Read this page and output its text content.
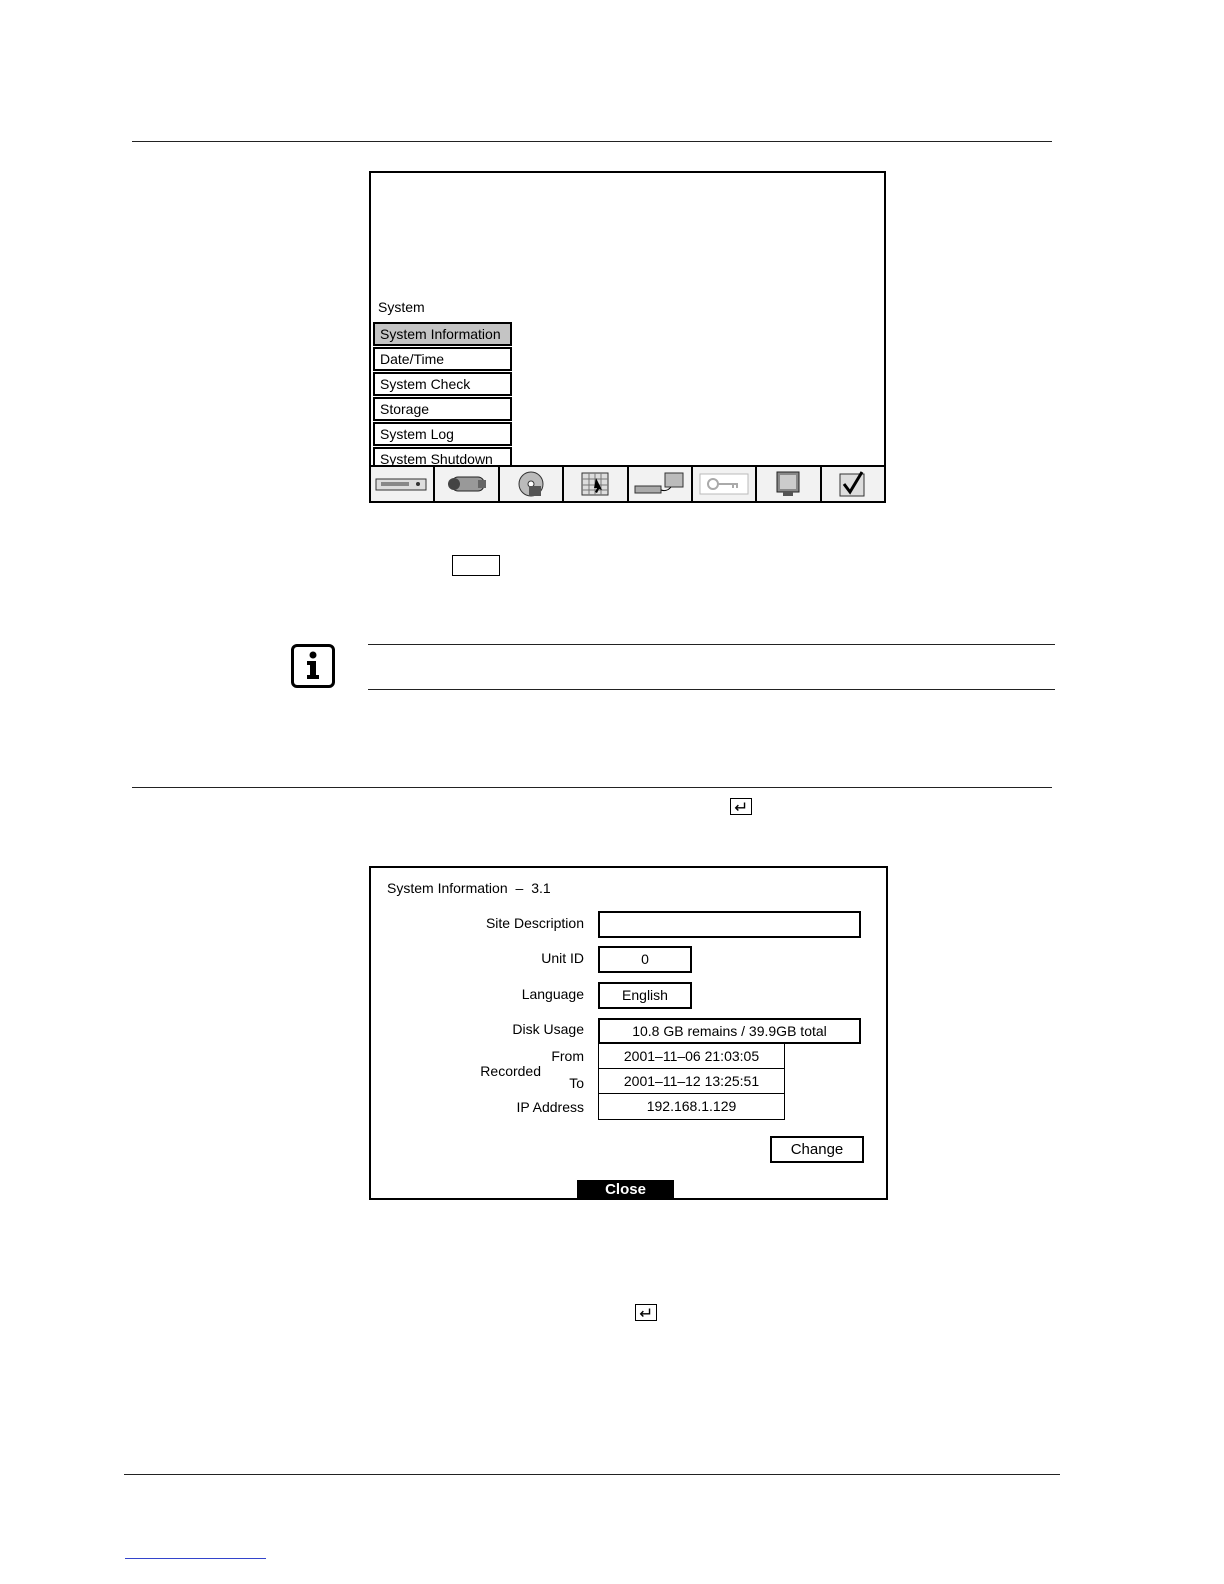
System
System Information
Date/Time
System Check
Storage
System Log
System Shutdown
System Information – 3.1
Site Description
Unit ID	0
Language	English
Disk Usage	10.8 GB remains / 39.9GB total
Recorded
From	2001–11–06 21:03:05
To	2001–11–12 13:25:51
IP Address	192.168.1.129
Change
Close
